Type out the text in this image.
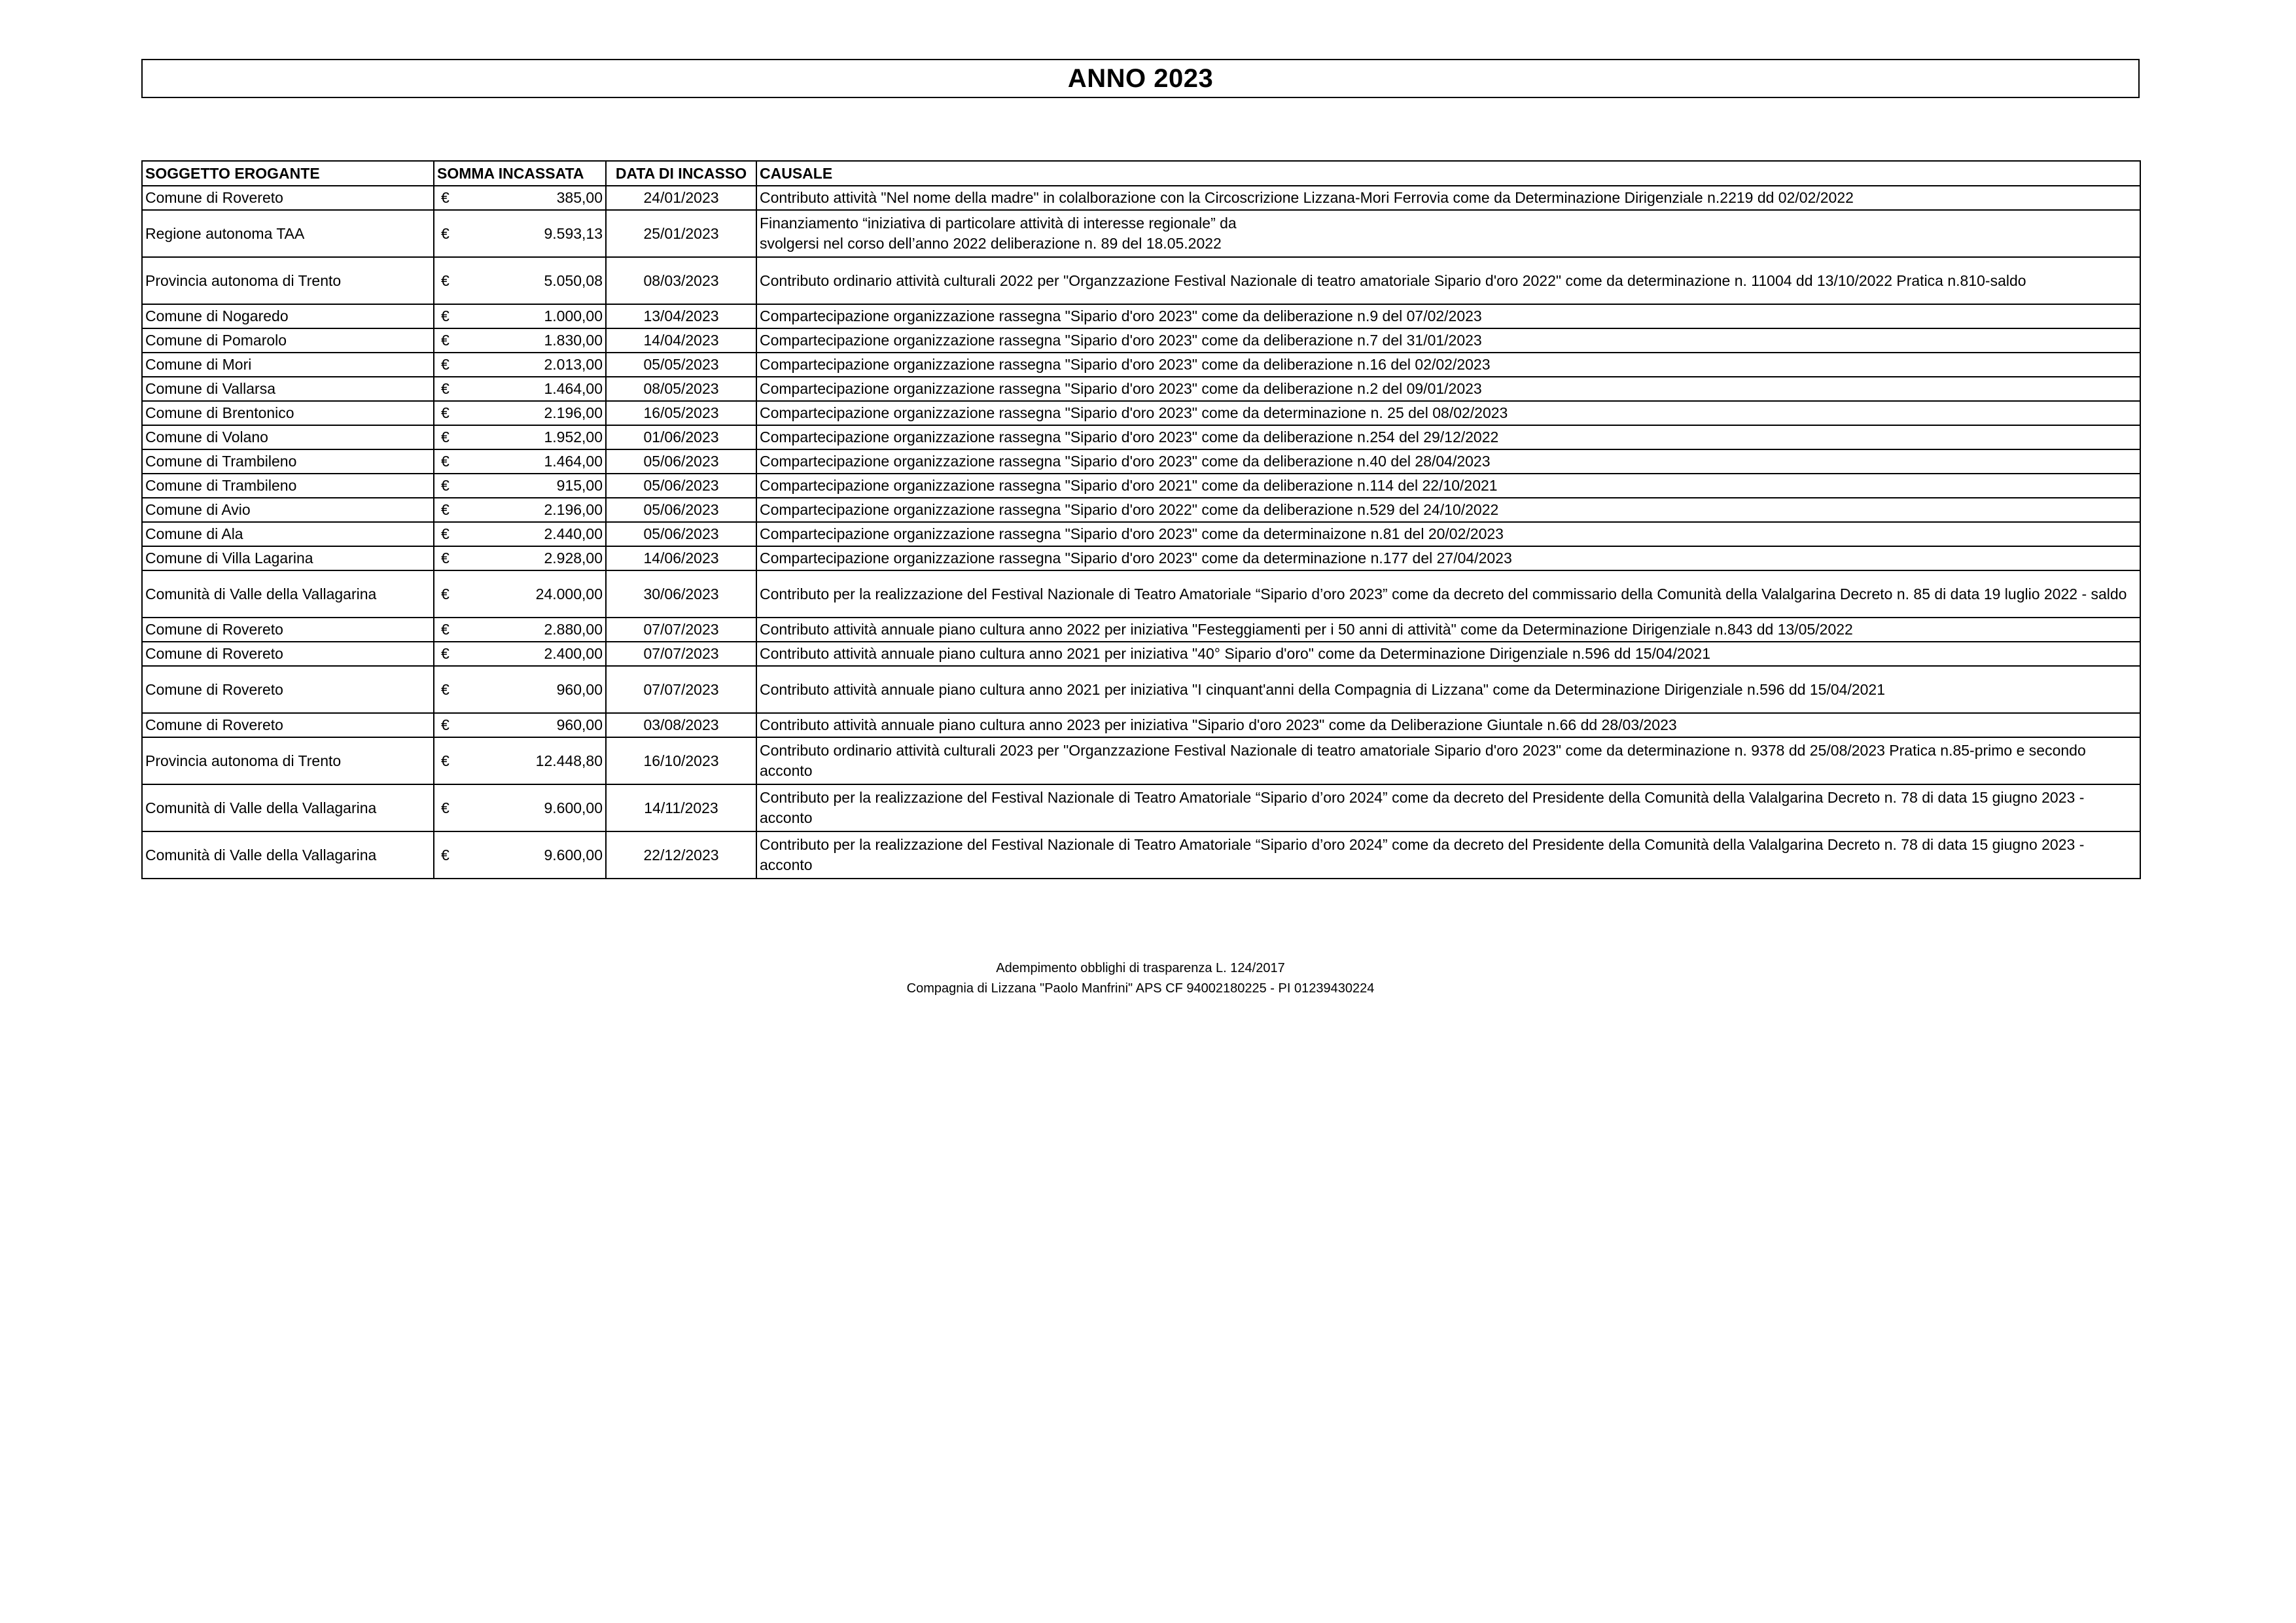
ANNO 2023
SOGGETTO EROGANTE	SOMMA INCASSATA	DATA DI INCASSO	CAUSALE
Comune di Rovereto	€ 385,00	24/01/2023	Contributo attività "Nel nome della madre" in colalborazione con la Circoscrizione Lizzana-Mori Ferrovia come da Determinazione Dirigenziale n.2219 dd 02/02/2022
Regione autonoma TAA	€ 9.593,13	25/01/2023	Finanziamento “iniziativa di particolare attività di interesse regionale” da
svolgersi nel corso dell’anno 2022 deliberazione n. 89 del 18.05.2022
Provincia autonoma di Trento	€ 5.050,08	08/03/2023	Contributo ordinario attività culturali 2022 per "Organzzazione Festival Nazionale di teatro amatoriale Sipario d'oro 2022" come da determinazione n. 11004 dd 13/10/2022 Pratica n.810-saldo
Comune di Nogaredo	€ 1.000,00	13/04/2023	Compartecipazione organizzazione rassegna "Sipario d'oro 2023" come da deliberazione n.9 del 07/02/2023
Comune di Pomarolo	€ 1.830,00	14/04/2023	Compartecipazione organizzazione rassegna "Sipario d'oro 2023" come da deliberazione n.7 del 31/01/2023
Comune di Mori	€ 2.013,00	05/05/2023	Compartecipazione organizzazione rassegna "Sipario d'oro 2023" come da deliberazione n.16 del 02/02/2023
Comune di Vallarsa	€ 1.464,00	08/05/2023	Compartecipazione organizzazione rassegna "Sipario d'oro 2023" come da deliberazione n.2 del 09/01/2023
Comune di Brentonico	€ 2.196,00	16/05/2023	Compartecipazione organizzazione rassegna "Sipario d'oro 2023" come da determinazione n. 25 del 08/02/2023
Comune di Volano	€ 1.952,00	01/06/2023	Compartecipazione organizzazione rassegna "Sipario d'oro 2023" come da deliberazione n.254 del 29/12/2022
Comune di Trambileno	€ 1.464,00	05/06/2023	Compartecipazione organizzazione rassegna "Sipario d'oro 2023" come da deliberazione n.40 del 28/04/2023
Comune di Trambileno	€ 915,00	05/06/2023	Compartecipazione organizzazione rassegna "Sipario d'oro 2021" come da deliberazione n.114 del 22/10/2021
Comune di Avio	€ 2.196,00	05/06/2023	Compartecipazione organizzazione rassegna "Sipario d'oro 2022" come da deliberazione n.529 del 24/10/2022
Comune di Ala	€ 2.440,00	05/06/2023	Compartecipazione organizzazione rassegna "Sipario d'oro 2023" come da determinaizone n.81 del 20/02/2023
Comune di Villa Lagarina	€ 2.928,00	14/06/2023	Compartecipazione organizzazione rassegna "Sipario d'oro 2023" come da determinazione n.177 del 27/04/2023
Comunità di Valle della Vallagarina	€ 24.000,00	30/06/2023	Contributo per la realizzazione del Festival Nazionale di Teatro Amatoriale “Sipario d’oro 2023” come da decreto del commissario della Comunità della Valalgarina Decreto n. 85 di data 19 luglio 2022 - saldo
Comune di Rovereto	€ 2.880,00	07/07/2023	Contributo attività annuale piano cultura anno 2022 per iniziativa "Festeggiamenti per i 50 anni di attività" come da Determinazione Dirigenziale n.843 dd 13/05/2022
Comune di Rovereto	€ 2.400,00	07/07/2023	Contributo attività annuale piano cultura anno 2021 per iniziativa "40° Sipario d'oro" come da Determinazione Dirigenziale n.596 dd 15/04/2021
Comune di Rovereto	€ 960,00	07/07/2023	Contributo attività annuale piano cultura anno 2021 per iniziativa "I cinquant'anni della Compagnia di Lizzana" come da Determinazione Dirigenziale n.596 dd 15/04/2021
Comune di Rovereto	€ 960,00	03/08/2023	Contributo attività annuale piano cultura anno 2023 per iniziativa "Sipario d'oro 2023" come da Deliberazione Giuntale n.66 dd 28/03/2023
Provincia autonoma di Trento	€ 12.448,80	16/10/2023	Contributo ordinario attività culturali 2023 per "Organzzazione Festival Nazionale di teatro amatoriale Sipario d'oro 2023" come da determinazione n. 9378 dd 25/08/2023 Pratica n.85-primo e secondo acconto
Comunità di Valle della Vallagarina	€ 9.600,00	14/11/2023	Contributo per la realizzazione del Festival Nazionale di Teatro Amatoriale “Sipario d’oro 2024” come da decreto del Presidente della Comunità della Valalgarina Decreto n. 78 di data 15 giugno 2023 - acconto
Comunità di Valle della Vallagarina	€ 9.600,00	22/12/2023	Contributo per la realizzazione del Festival Nazionale di Teatro Amatoriale “Sipario d’oro 2024” come da decreto del Presidente della Comunità della Valalgarina Decreto n. 78 di data 15 giugno 2023 - acconto
Adempimento obblighi di trasparenza L. 124/2017
Compagnia di Lizzana "Paolo Manfrini" APS CF 94002180225 - PI 01239430224
